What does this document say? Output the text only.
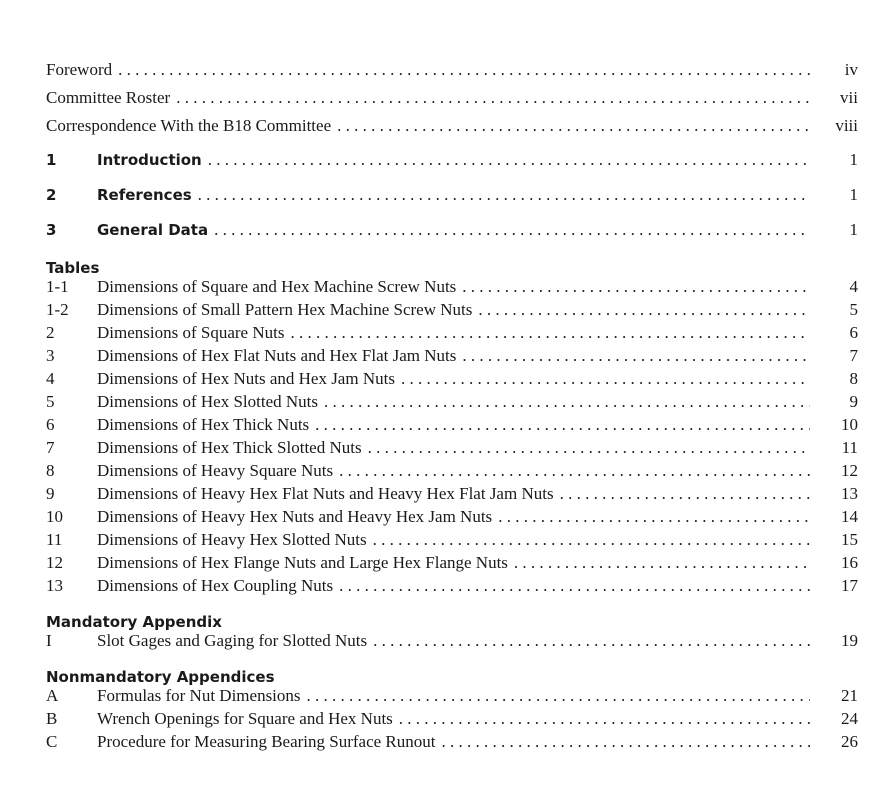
Foreword . . .	iv
Committee Roster . . .	vii
Correspondence With the B18 Committee . . .	viii
1	Introduction . . .	1
2	References . . .	1
3	General Data . . .	1
Tables
1-1	Dimensions of Square and Hex Machine Screw Nuts . . .	4
1-2	Dimensions of Small Pattern Hex Machine Screw Nuts . . .	5
2	Dimensions of Square Nuts . . .	6
3	Dimensions of Hex Flat Nuts and Hex Flat Jam Nuts . . .	7
4	Dimensions of Hex Nuts and Hex Jam Nuts . . .	8
5	Dimensions of Hex Slotted Nuts . . .	9
6	Dimensions of Hex Thick Nuts . . .	10
7	Dimensions of Hex Thick Slotted Nuts . . .	11
8	Dimensions of Heavy Square Nuts . . .	12
9	Dimensions of Heavy Hex Flat Nuts and Heavy Hex Flat Jam Nuts . . .	13
10	Dimensions of Heavy Hex Nuts and Heavy Hex Jam Nuts . . .	14
11	Dimensions of Heavy Hex Slotted Nuts . . .	15
12	Dimensions of Hex Flange Nuts and Large Hex Flange Nuts . . .	16
13	Dimensions of Hex Coupling Nuts . . .	17
Mandatory Appendix
I	Slot Gages and Gaging for Slotted Nuts . . .	19
Nonmandatory Appendices
A	Formulas for Nut Dimensions . . .	21
B	Wrench Openings for Square and Hex Nuts . . .	24
C	Procedure for Measuring Bearing Surface Runout . . .	26
